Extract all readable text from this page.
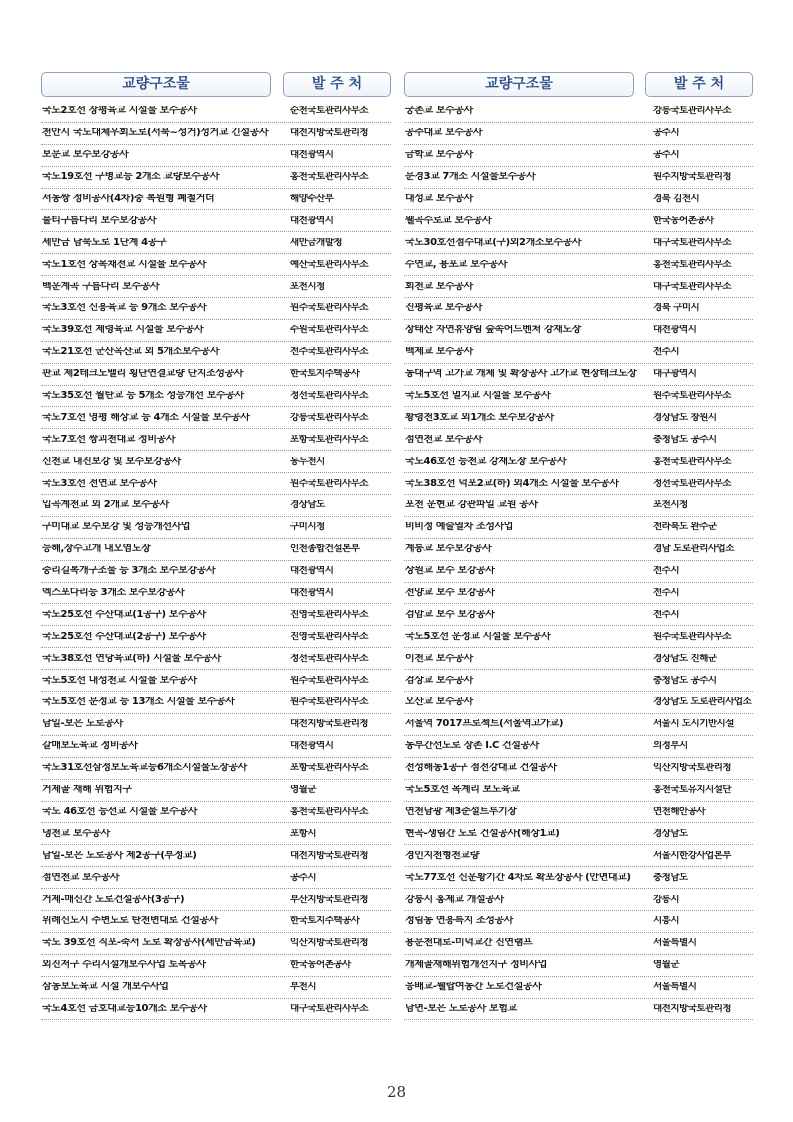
교량구조물	발 주 처
국도2호선 장평육교 시설물 보수공사	순천국토관리사무소
천안시 국도대체우회도로(서북~성거)성거교 긴설공사	대전지방국토관리청
보문교 보수보강공사	대전광역시
국도19호선 구병교등 2개소 교량보수공사	홍천국토관리사무소
서동쌍 정비공사(4차)중 복원형 폐철거더	해양수산부
불티구름다리 보수보강공사	대전광역시
세만금 남북도로 1단계 4공구	새만금개발청
국도1호선 상목채전교 시설물 보수공사	예산국토관리사무소
백운계곡 구름다리 보수공사	포천시청
국도3호선 신흥육교 등 9개소 보수공사	원주국토관리사무소
국도39호선 제령육교 시설물 보수공사	수원국토관리사무소
국도21호선 군산옥산교 외 5개소보수공사	전주국토관리사무소
판교 제2테크노밸리 횡단연결교량 단지조성공사	한국토지주택공사
국도35호선 월탄교 등 5개소 성능개선 보수공사	정선국토관리사무소
국도7호선 영평 해상교 등 4개소 시설물 보수공사	강릉국토관리사무소
국도7호선 쌍괴천대교 정비공사	포항국토관리사무소
신천교 내진보강 및 보수보강공사	동두천시
국도3호선 전연교 보수공사	원주국토관리사무소
입곡계천교 외 2개교 보수공사	경상남도
구미대교 보수보강 및 성능개선사업	구미시청
능해,장수고개 내오염도장	인천종합건설본부
중리길복개구조물 등 3개소 보수보강공사	대전광역시
엑스포다리등 3개소 보수보강공사	대전광역시
국도25호선 수산대교(1공구) 보수공사	진영국토관리사무소
국도25호선 수산대교(2공구) 보수공사	진영국토관리사무소
국도38호선 연당육교(하) 시설물 보수공사	정선국토관리사무소
국도5호선 내성천교 시설물 보수공사	원주국토관리사무소
국도5호선 문정교 등 13개소 시설물 보수공사	원주국토관리사무소
남일-보은 도로공사	대전지방국토관리청
갈매보도육교 정비공사	대전광역시
국도31호선삼정보도육교등6개소시설물도장공사	포항국토관리사무소
거제골 재해 위험지구	영월군
국도 46호선 등선교 시설물 보수공사	홍천국토관리사무소
냉천교 보수공사	포항시
남일-보은 도로공사 제2공구(부정교)	대전지방국토관리청
점연천교 보수공사	공주시
거제-매신간 도로건설공사(3공구)	부산지방국토관리청
위례신도시 주변도로 탄천변대로 건설공사	한국토지주택공사
국도 39호선 직포-죽서 도로 확장공사(세만금육교)	익산지방국토관리청
외진저구 수리시설개보수사업 토목공사	한국농어촌공사
삼동보도육교 시설 개보수사업	부천시
국도4호선 금호대교등10개소 보수공사	대구국토관리사무소
교량구조물	발 주 처
궁촌교 보수공사	강릉국토관리사무소
공주대교 보수공사	공주시
금학교 보수공사	공주시
문경3교 7개소 시설물보수공사	원주지방국토관리청
대성교 보수공사	경북 김천시
웰곡수로교 보수공사	한국농어촌공사
국도30호선점수대교(구)외2개소보수공사	대구국토관리사무소
수연교, 용포교 보수공사	홍천국토관리사무소
회천교 보수공사	대구국토관리사무소
진평육교 보수공사	경북 구미시
장태산 자연휴양림 숲속어드벤처 강재도장	대전광역시
백제교 보수공사	전주시
동대구역 고가교 개체 및 확장공사 고가교 현장테크도장	대구광역시
국도5호선 멀지교 시설물 보수공사	원주국토관리사무소
황령천3호교 외1개소 보수보강공사	경상남도 창원시
점연천교 보수공사	충청남도 공주시
국도46호선 등천교 강재도장 보수공사	홍천국토관리사무소
국도38호선 덕포2교(하) 외4개소 시설물 보수공사	정선국토관리사무소
포천 운현교 강관파일 교원 공사	포천시청
비비정 예술열차 조성사업	전라북도 완주군
계릉교 보수보강공사	경남 도로관리사업소
상원교 보수 보강공사	전주시
전양교 보수 보강공사	전주시
검암교 보수 보강공사	전주시
국도5호선 운정교 시설물 보수공사	원주국토관리사무소
이천교 보수공사	경상남도 진해군
검상교 보수공사	충청남도 공주시
오산교 보수공사	경상남도 도로관리사업소
서울역 7017프로젝트(서울역고가교)	서울시 도시기반시설
동부간선도로 장촌 I.C 건설공사	의정부시
전성해동1공구 점전강대교 건설공사	익산지방국토관리청
국도5호선 목계리 보도육교	홍천국토유지시설단
연천남광 제3준설트투기장	연천해안공사
현곡-생림간 도로 건설공사(해상1교)	경상남도
경인지천형천교량	서울시한강사업본부
국도77호선 신운황기간 4차로 확포장공사 (안면대교)	충청남도
강릉시 홍제교 개설공사	강릉시
정림동 연흥특지 조성공사	시흥시
용문천대로-미덕교간 진연램프	서울특별시
개제골재해위험개선지구 정비사업	영월군
응배교-웰랍여동간 도로건설공사	서울특별시
남면-보은 도로공사 보험교	대전지방국토관리청
28
